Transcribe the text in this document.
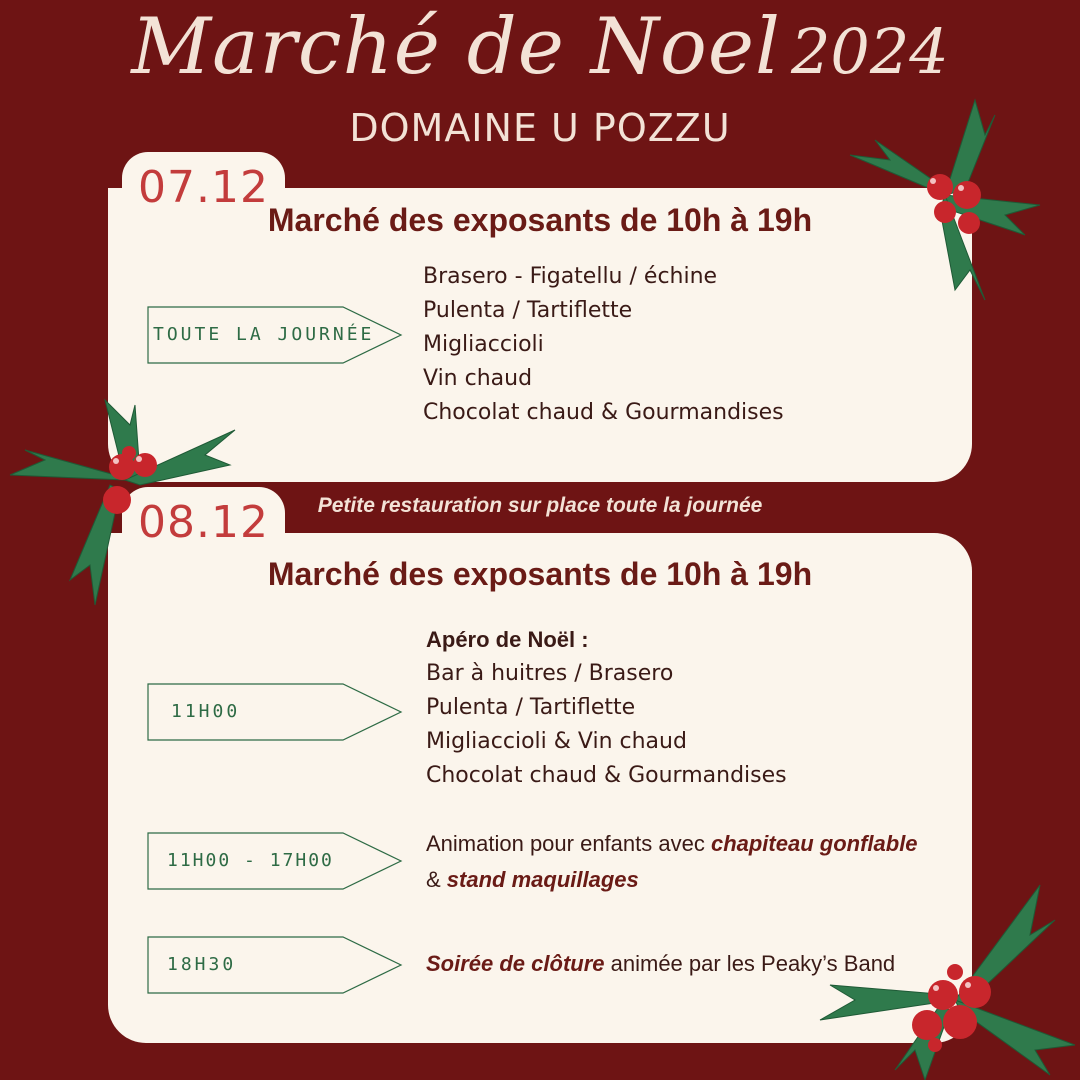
Marché de Noel 2024
DOMAINE U POZZU
07.12
Marché des exposants de 10h à 19h
TOUTE LA JOURNÉE
Brasero - Figatellu / échine
Pulenta / Tartiflette
Migliaccioli
Vin chaud
Chocolat chaud & Gourmandises
Petite restauration sur place toute la journée
08.12
Marché des exposants de 10h à 19h
11H00
Apéro de Noël :
Bar à huitres / Brasero
Pulenta / Tartiflette
Migliaccioli & Vin chaud
Chocolat chaud & Gourmandises
11H00 - 17H00
Animation pour enfants avec chapiteau gonflable
& stand maquillages
18H30	Soirée de clôture animée par les Peaky’s Band
